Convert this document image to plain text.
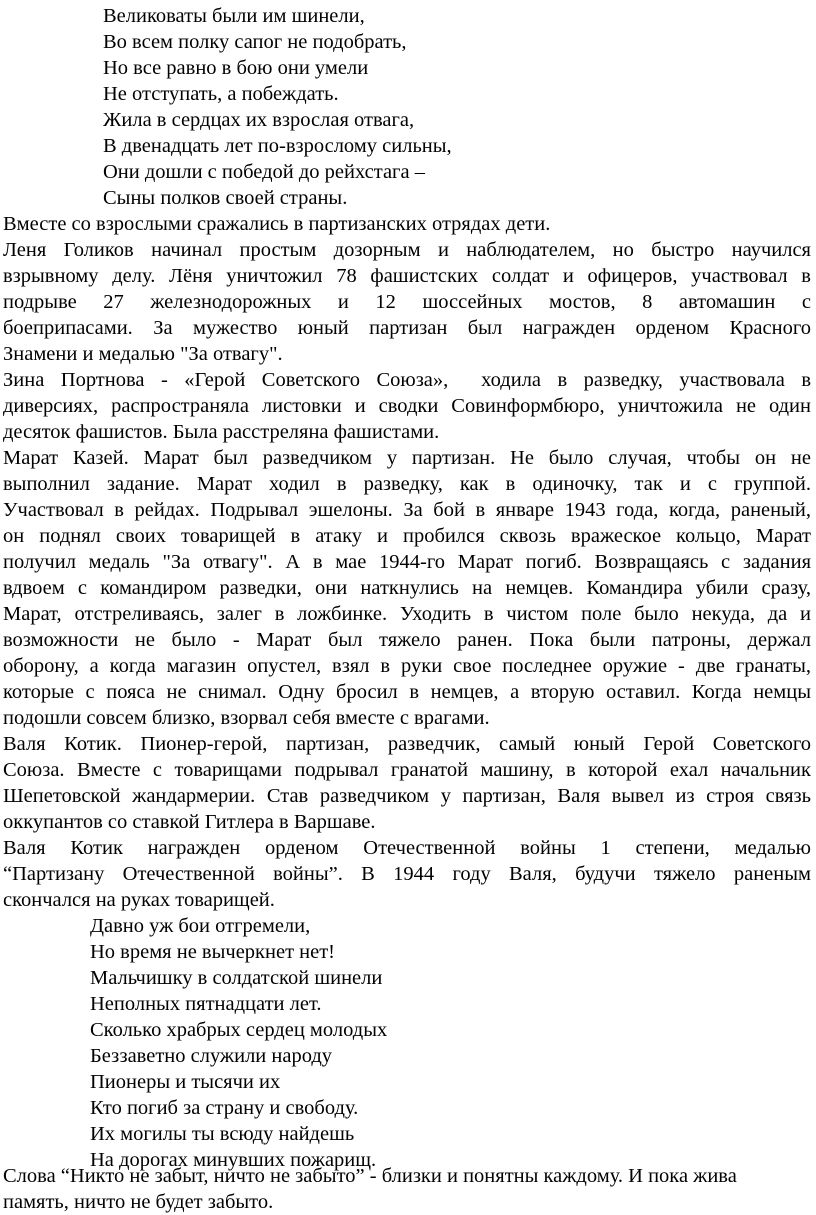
Великоваты были им шинели,
Во всем полку сапог не подобрать,
Но все равно в бою они умели
Не отступать, а побеждать.
Жила в сердцах их взрослая отвага,
В двенадцать лет по-взрослому сильны,
Они дошли с победой до рейхстага –
Сыны полков своей страны.
Вместе со взрослыми сражались в партизанских отрядах дети.
Леня Голиков начинал простым дозорным и наблюдателем, но быстро научился
взрывному делу. Лёня уничтожил 78 фашистских солдат и офицеров, участвовал в
подрыве 27 железнодорожных и 12 шоссейных мостов, 8 автомашин с
боеприпасами. За мужество юный партизан был награжден орденом Красного
Знамени и медалью "За отвагу".
Зина Портнова - «Герой Советского Союза»,  ходила в разведку, участвовала в
диверсиях, распространяла листовки и сводки Совинформбюро, уничтожила не один
десяток фашистов. Была расстреляна фашистами.
Марат Казей. Марат был разведчиком у партизан. Не было случая, чтобы он не
выполнил задание. Марат ходил в разведку, как в одиночку, так и с группой.
Участвовал в рейдах. Подрывал эшелоны. За бой в январе 1943 года, когда, раненый,
он поднял своих товарищей в атаку и пробился сквозь вражеское кольцо, Марат
получил медаль "За отвагу". А в мае 1944-го Марат погиб. Возвращаясь с задания
вдвоем с командиром разведки, они наткнулись на немцев. Командира убили сразу,
Марат, отстреливаясь, залег в ложбинке. Уходить в чистом поле было некуда, да и
возможности не было - Марат был тяжело ранен. Пока были патроны, держал
оборону, а когда магазин опустел, взял в руки свое последнее оружие - две гранаты,
которые с пояса не снимал. Одну бросил в немцев, а вторую оставил. Когда немцы
подошли совсем близко, взорвал себя вместе с врагами.
Валя Котик. Пионер-герой, партизан, разведчик, самый юный Герой Советского
Союза. Вместе с товарищами подрывал гранатой машину, в которой ехал начальник
Шепетовской жандармерии. Став разведчиком у партизан, Валя вывел из строя связь
оккупантов со ставкой Гитлера в Варшаве.
Валя Котик награжден орденом Отечественной войны 1 степени, медалью
“Партизану Отечественной войны”. В 1944 году Валя, будучи тяжело раненым
скончался на руках товарищей.
Давно уж бои отгремели,
Но время не вычеркнет нет!
Мальчишку в солдатской шинели
Неполных пятнадцати лет.
Сколько храбрых сердец молодых
Беззаветно служили народу
Пионеры и тысячи их
Кто погиб за страну и свободу.
Их могилы ты всюду найдешь
На дорогах минувших пожарищ.
Слова “Никто не забыт, ничто не забыто” - близки и понятны каждому. И пока жива
память, ничто не будет забыто.
